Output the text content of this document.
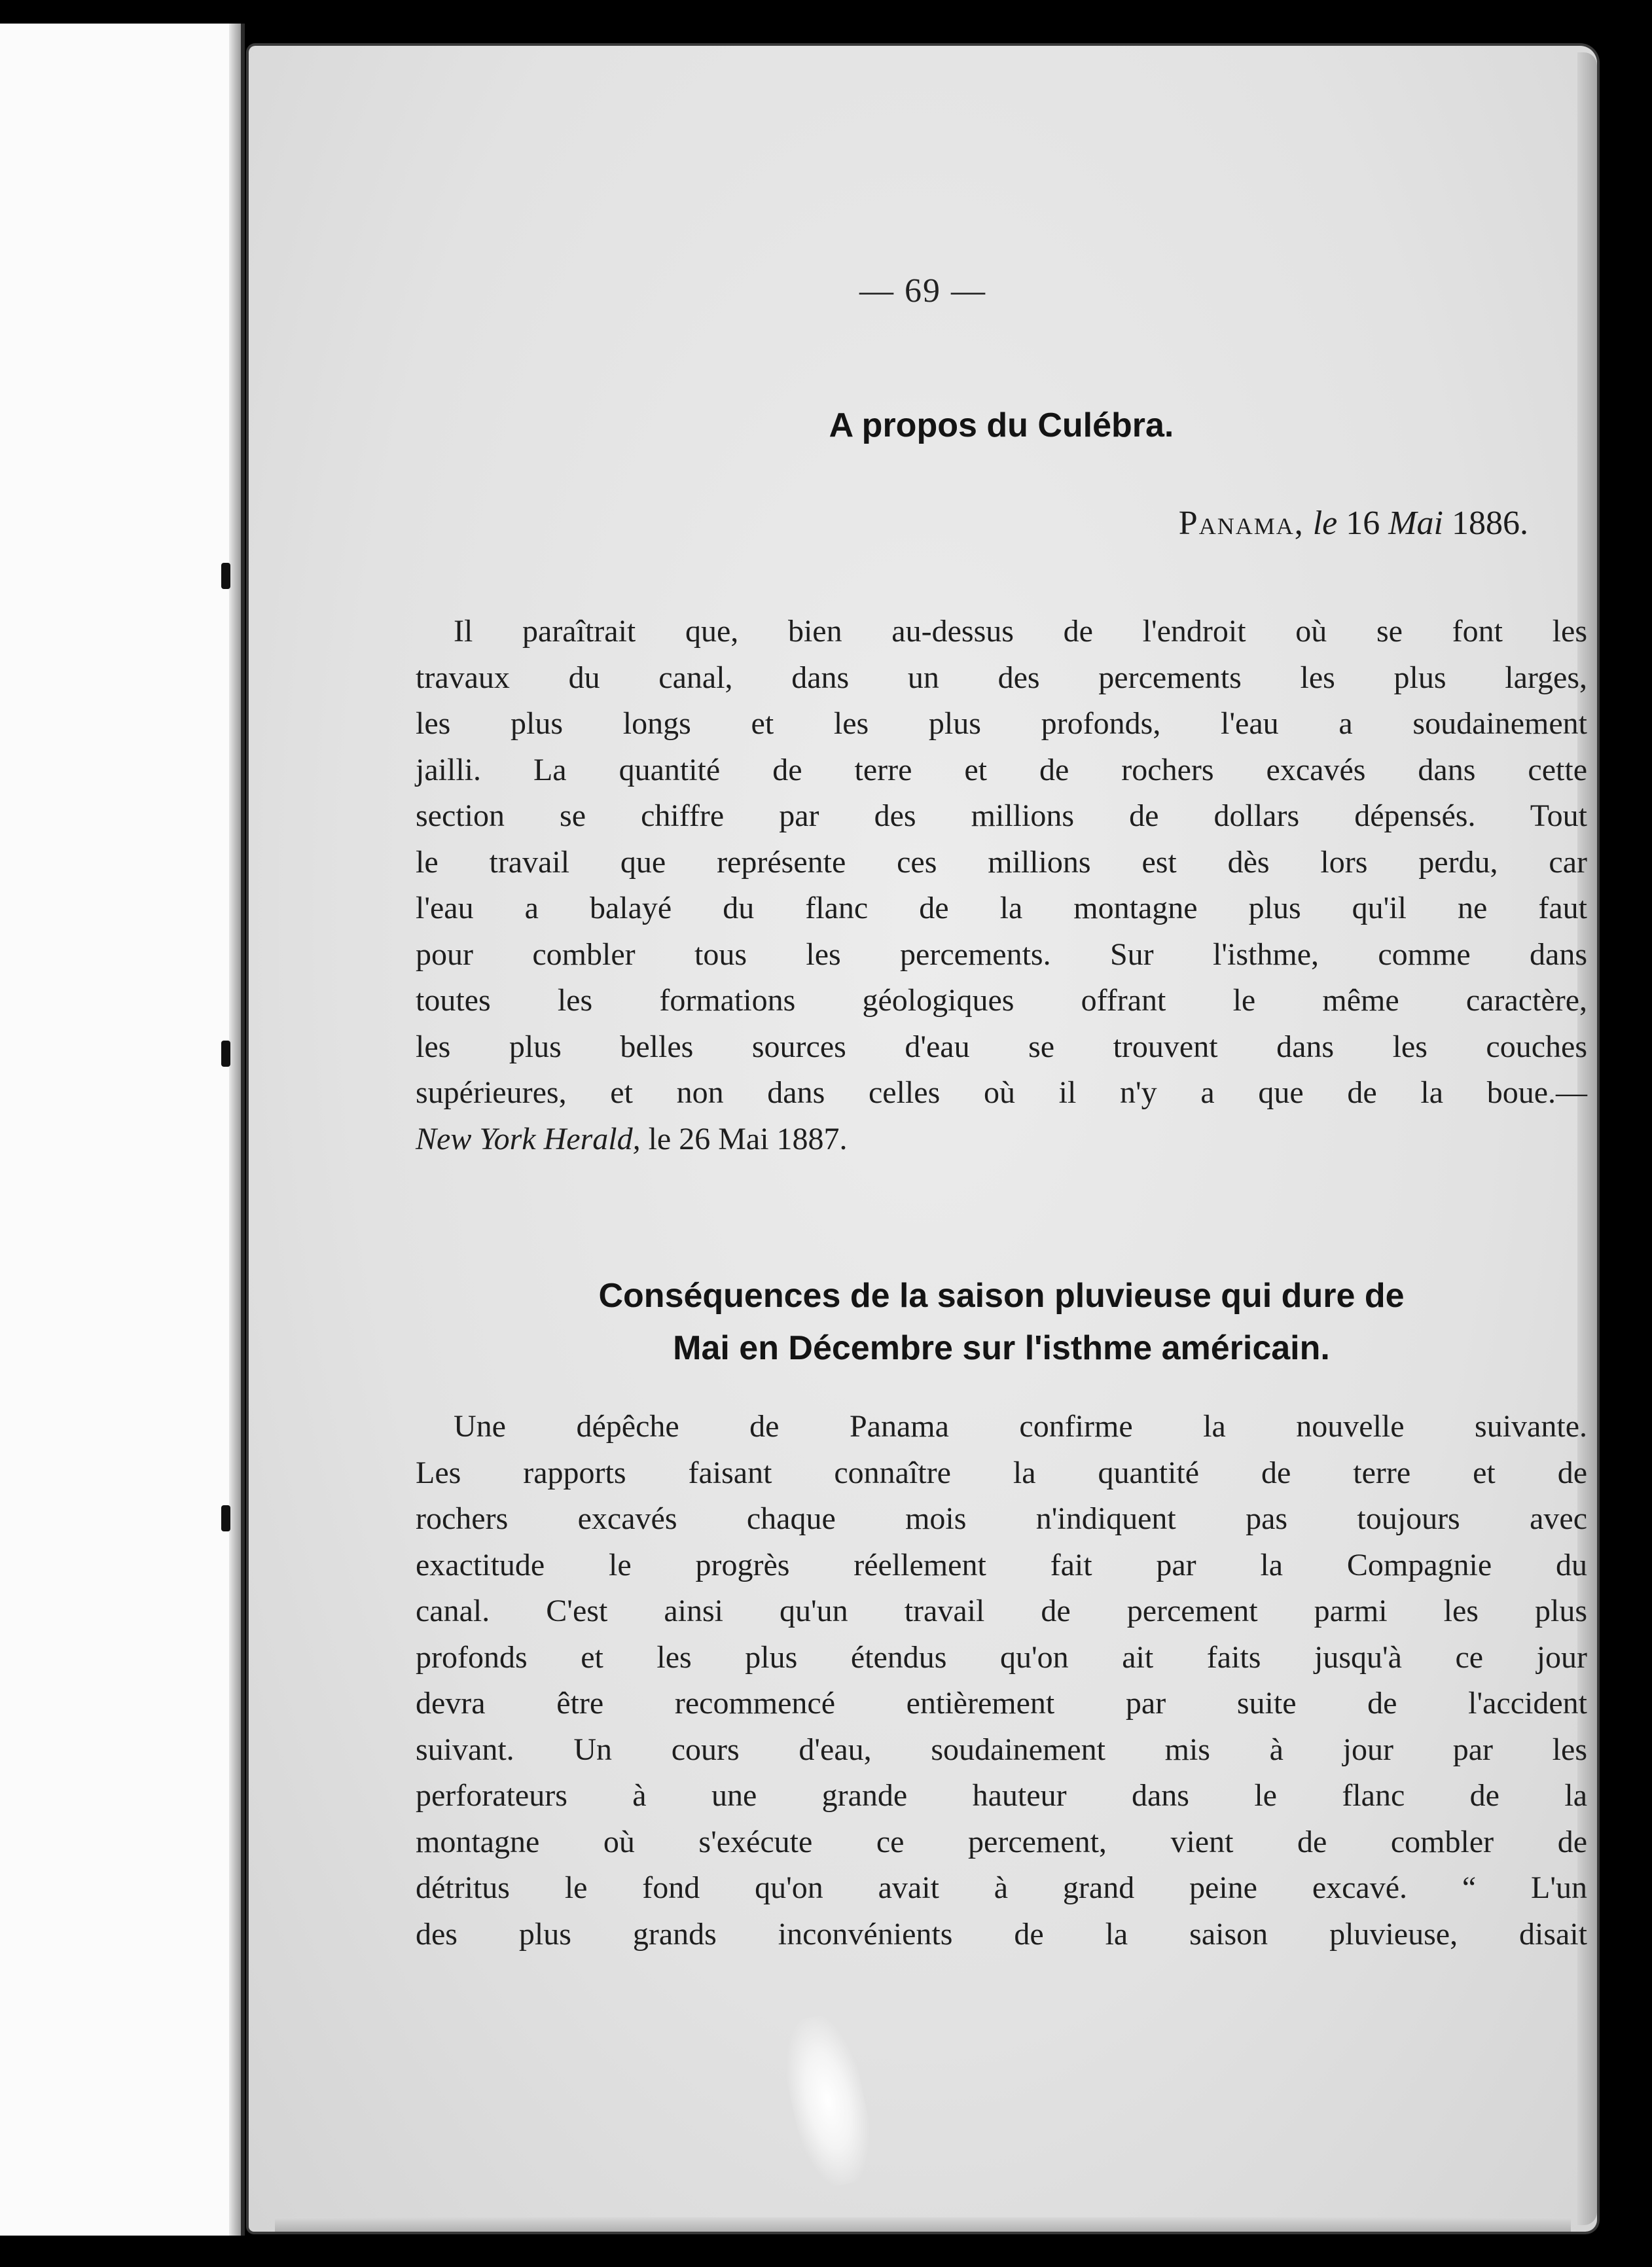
— 69 —
A propos du Culébra.
Panama, le 16 Mai 1886.
Il paraîtrait que, bien au-dessus de l'endroit où se font les
travaux du canal, dans un des percements les plus larges,
les plus longs et les plus profonds, l'eau a soudainement
jailli. La quantité de terre et de rochers excavés dans cette
section se chiffre par des millions de dollars dépensés. Tout
le travail que représente ces millions est dès lors perdu, car
l'eau a balayé du flanc de la montagne plus qu'il ne faut
pour combler tous les percements. Sur l'isthme, comme dans
toutes les formations géologiques offrant le même caractère,
les plus belles sources d'eau se trouvent dans les couches
supérieures, et non dans celles où il n'y a que de la boue.—
New York Herald, le 26 Mai 1887.
Conséquences de la saison pluvieuse qui dure de
Mai en Décembre sur l'isthme américain.
Une dépêche de Panama confirme la nouvelle suivante.
Les rapports faisant connaître la quantité de terre et de
rochers excavés chaque mois n'indiquent pas toujours avec
exactitude le progrès réellement fait par la Compagnie du
canal. C'est ainsi qu'un travail de percement parmi les plus
profonds et les plus étendus qu'on ait faits jusqu'à ce jour
devra être recommencé entièrement par suite de l'accident
suivant. Un cours d'eau, soudainement mis à jour par les
perforateurs à une grande hauteur dans le flanc de la
montagne où s'exécute ce percement, vient de combler de
détritus le fond qu'on avait à grand peine excavé. “ L'un
des plus grands inconvénients de la saison pluvieuse, disait
